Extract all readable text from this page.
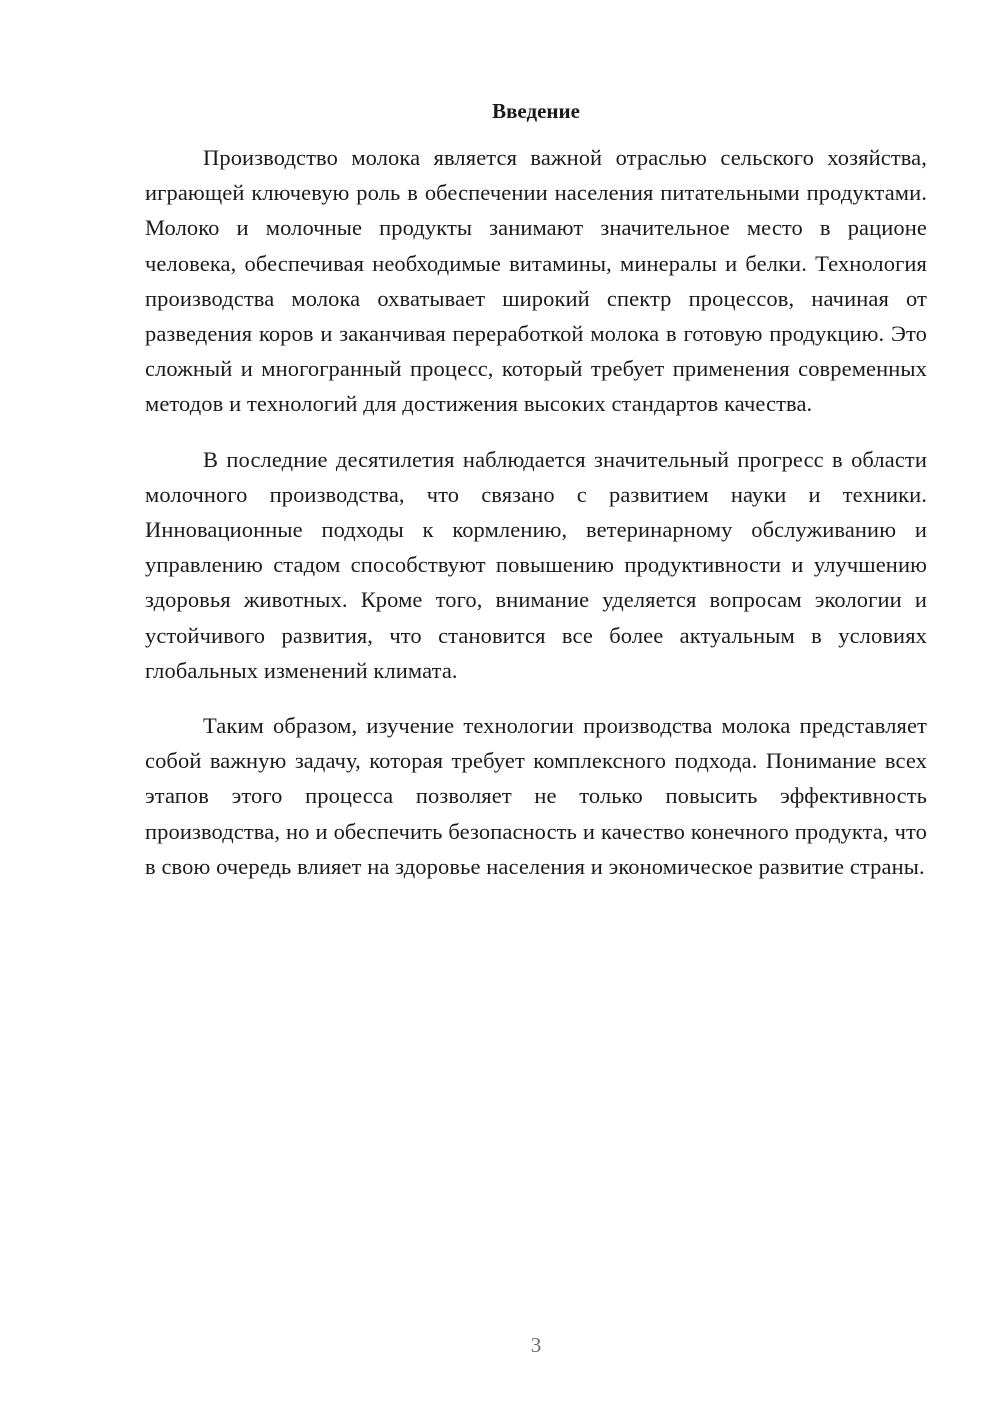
Введение

Производство молока является важной отраслью сельского хозяйства, играющей ключевую роль в обеспечении населения питательными продуктами. Молоко и молочные продукты занимают значительное место в рационе человека, обеспечивая необходимые витамины, минералы и белки. Технология производства молока охватывает широкий спектр процессов, начиная от разведения коров и заканчивая переработкой молока в готовую продукцию. Это сложный и многогранный процесс, который требует применения современных методов и технологий для достижения высоких стандартов качества.

В последние десятилетия наблюдается значительный прогресс в области молочного производства, что связано с развитием науки и техники. Инновационные подходы к кормлению, ветеринарному обслуживанию и управлению стадом способствуют повышению продуктивности и улучшению здоровья животных. Кроме того, внимание уделяется вопросам экологии и устойчивого развития, что становится все более актуальным в условиях глобальных изменений климата.

Таким образом, изучение технологии производства молока представляет собой важную задачу, которая требует комплексного подхода. Понимание всех этапов этого процесса позволяет не только повысить эффективность производства, но и обеспечить безопасность и качество конечного продукта, что в свою очередь влияет на здоровье населения и экономическое развитие страны.

3
